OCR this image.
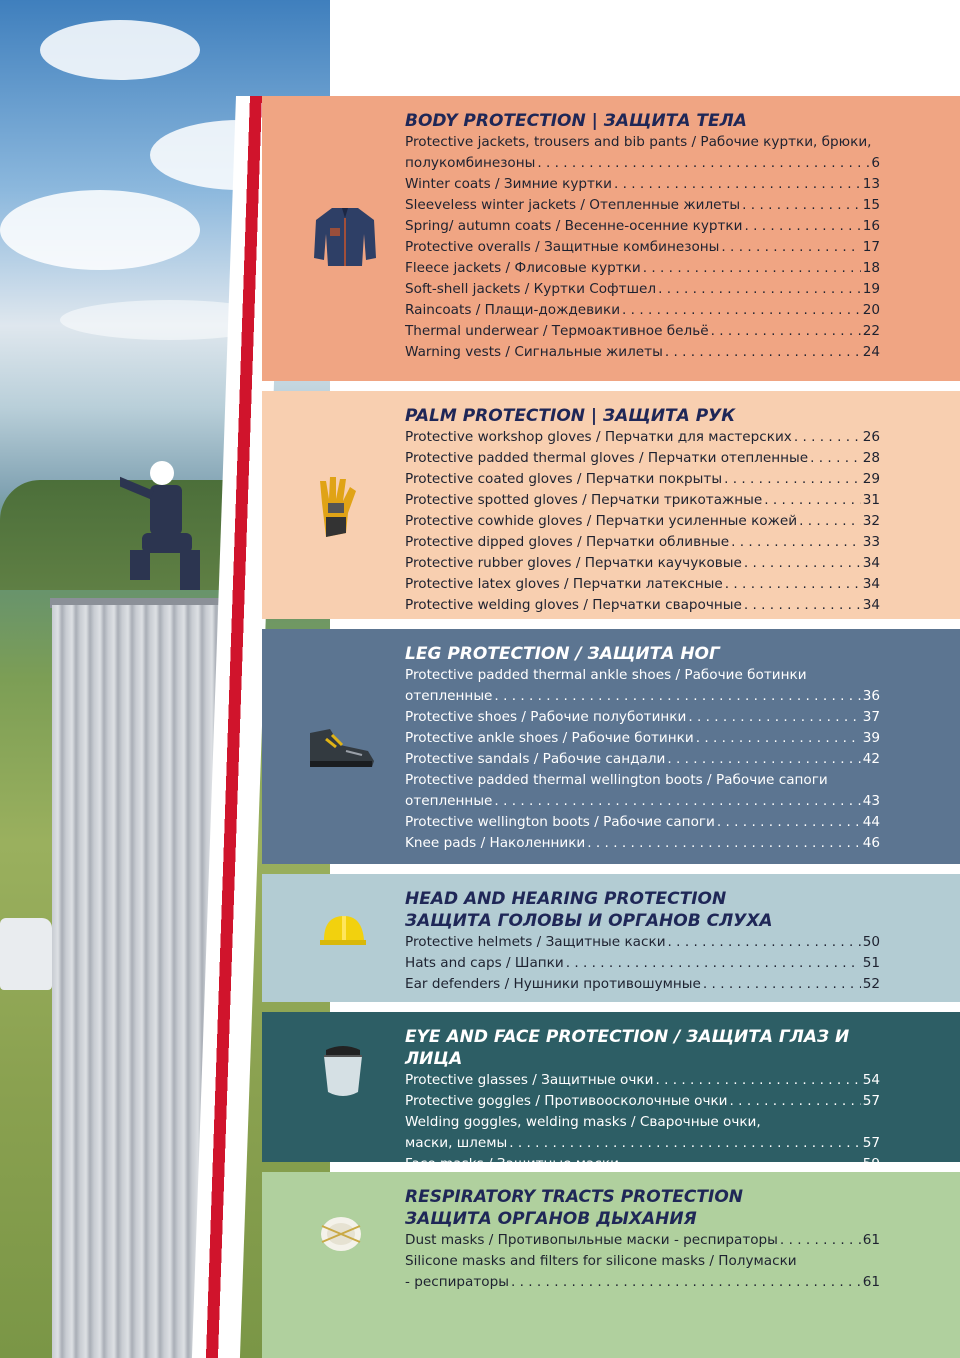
BODY PROTECTION | ЗАЩИТА ТЕЛА
Protective jackets, trousers and bib pants / Рабочие куртки, брюки,
полукомбинезоны . . .	6
Winter coats / Зимние куртки . . .	13
Sleeveless winter jackets / Отепленные жилеты . . .	15
Spring/ autumn coats / Весенне-осенние куртки . . .	16
Protective overalls / Защитные комбинезоны . . .	17
Fleece jackets / Флисовые куртки . . .	18
Soft-shell jackets / Куртки Софтшел . . .	19
Raincoats / Плащи-дождевики . . .	20
Thermal underwear / Термоактивное бельё . . .	22
Warning vests / Сигнальные жилеты . . .	24
PALM PROTECTION | ЗАЩИТА РУК
Protective workshop gloves / Перчатки для мастерских . . .	26
Protective padded thermal gloves / Перчатки отепленные . . .	28
Protective coated gloves / Перчатки покрыты . . .	29
Protective spotted gloves / Перчатки трикотажные . . .	31
Protective cowhide gloves / Перчатки усиленные кожей . . .	32
Protective dipped gloves / Перчатки обливные . . .	33
Protective rubber gloves / Перчатки каучуковые . . .	34
Protective latex gloves / Перчатки латексные . . .	34
Protective welding gloves / Перчатки сварочные . . .	34
LEG PROTECTION / ЗАЩИТА НОГ
Protective padded thermal ankle shoes / Рабочие ботинки
отепленные . . .	36
Protective shoes / Рабочие полуботинки . . .	37
Protective ankle shoes / Рабочие ботинки . . .	39
Protective sandals / Рабочие сандали . . .	42
Protective padded thermal wellington boots / Рабочие сапоги
отепленные . . .	43
Protective wellington boots / Рабочие сапоги . . .	44
Knee pads / Наколенники . . .	46
HEAD AND HEARING PROTECTION
ЗАЩИТА ГОЛОВЫ И ОРГАНОВ СЛУХА
Protective helmets / Защитные каски . . .	50
Hats and caps / Шапки . . .	51
Ear defenders / Нушники противошумные . . .	52
EYE AND FACE PROTECTION / ЗАЩИТА ГЛАЗ И ЛИЦА
Protective glasses / Защитные очки . . .	54
Protective goggles / Противоосколочные очки . . .	57
Welding goggles, welding masks / Сварочные очки,
маски, шлемы . . .	57
Face masks / Защитные маски . . .	59
RESPIRATORY TRACTS PROTECTION
ЗАЩИТА ОРГАНОВ ДЫХАНИЯ
Dust masks / Противопыльные маски - респираторы . . .	61
Silicone masks and filters for silicone masks / Полумаски
- респираторы . . .	61
